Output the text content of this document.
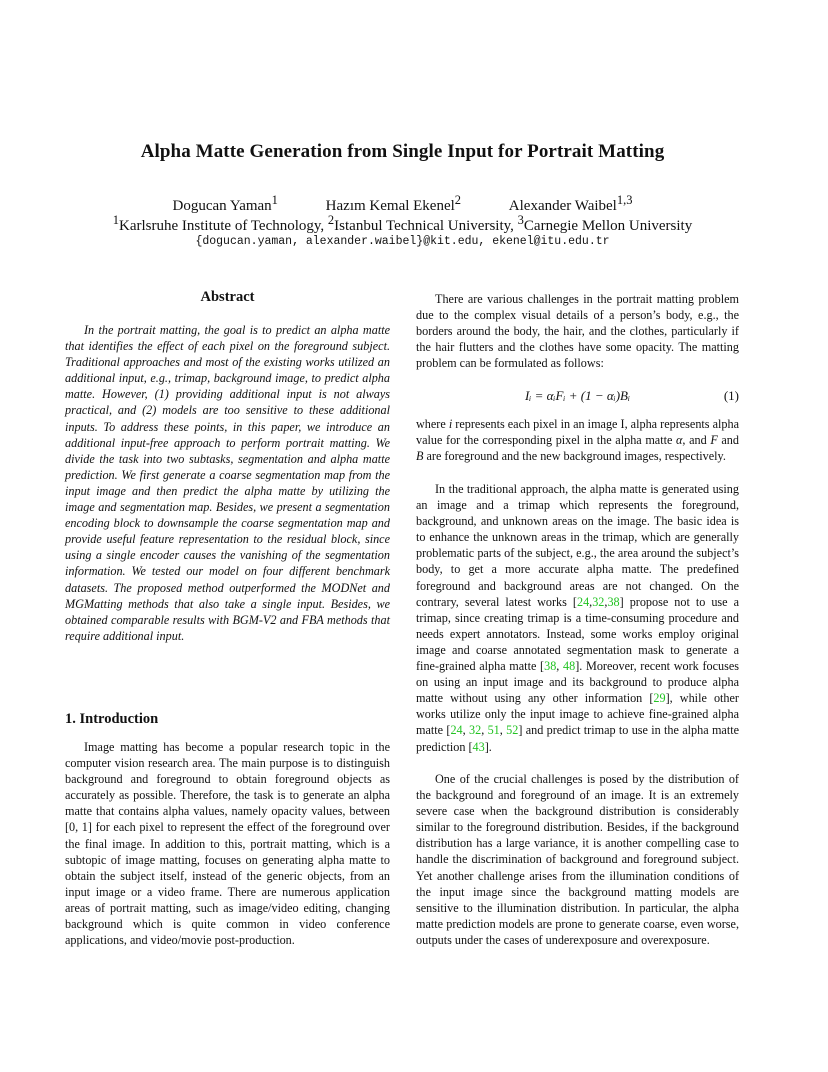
Alpha Matte Generation from Single Input for Portrait Matting
Dogucan Yaman$^1$	Hazım Kemal Ekenel$^2$	Alexander Waibel$^{1,3}$
$^1$Karlsruhe Institute of Technology, $^2$Istanbul Technical University, $^3$Carnegie Mellon University
{dogucan.yaman, alexander.waibel}@kit.edu, ekenel@itu.edu.tr
Abstract

In the portrait matting, the goal is to predict an alpha matte that identifies the effect of each pixel on the foreground subject. Traditional approaches and most of the existing works utilized an additional input, e.g., trimap, background image, to predict alpha matte. However, (1) providing additional input is not always practical, and (2) models are too sensitive to these additional inputs. To address these points, in this paper, we introduce an additional input-free approach to perform portrait matting. We divide the task into two subtasks, segmentation and alpha matte prediction. We first generate a coarse segmentation map from the input image and then predict the alpha matte by utilizing the image and segmentation map. Besides, we present a segmentation encoding block to downsample the coarse segmentation map and provide useful feature representation to the residual block, since using a single encoder causes the vanishing of the segmentation information. We tested our model on four different benchmark datasets. The proposed method outperformed the MODNet and MGMatting methods that also take a single input. Besides, we obtained comparable results with BGM-V2 and FBA methods that require additional input.

1. Introduction

Image matting has become a popular research topic in the computer vision research area. The main purpose is to distinguish background and foreground to obtain foreground objects as accurately as possible. Therefore, the task is to generate an alpha matte that contains alpha values, namely opacity values, between [0, 1] for each pixel to represent the effect of the foreground over the final image. In addition to this, portrait matting, which is a subtopic of image matting, focuses on generating alpha matte to obtain the subject itself, instead of the generic objects, from an input image or a video frame. There are numerous application areas of portrait matting, such as image/video editing, changing background which is quite common in video conference applications, and video/movie post-production.

There are various challenges in the portrait matting problem due to the complex visual details of a person’s body, e.g., the borders around the body, the hair, and the clothes, particularly if the hair flutters and the clothes have some opacity. The matting problem can be formulated as follows:

Iᵢ = αᵢFᵢ + (1 − αᵢ)Bᵢ	(1)

where i represents each pixel in an image I, alpha represents alpha value for the corresponding pixel in the alpha matte α, and F and B are foreground and the new background images, respectively.

In the traditional approach, the alpha matte is generated using an image and a trimap which represents the foreground, background, and unknown areas on the image. The basic idea is to enhance the unknown areas in the trimap, which are generally problematic parts of the subject, e.g., the area around the subject’s body, to get a more accurate alpha matte. The predefined foreground and background areas are not changed. On the contrary, several latest works [24,32,38] propose not to use a trimap, since creating trimap is a time-consuming procedure and needs expert annotators. Instead, some works employ original image and coarse annotated segmentation mask to generate a fine-grained alpha matte [38, 48]. Moreover, recent work focuses on using an input image and its background to produce alpha matte without using any other information [29], while other works utilize only the input image to achieve fine-grained alpha matte [24, 32, 51, 52] and predict trimap to use in the alpha matte prediction [43].

One of the crucial challenges is posed by the distribution of the background and foreground of an image. It is an extremely severe case when the background distribution is considerably similar to the foreground distribution. Besides, if the background distribution has a large variance, it is another compelling case to handle the discrimination of background and foreground subject. Yet another challenge arises from the illumination conditions of the input image since the background matting models are sensitive to the illumination distribution. In particular, the alpha matte prediction models are prone to generate coarse, even worse, outputs under the cases of underexposure and overexposure.
